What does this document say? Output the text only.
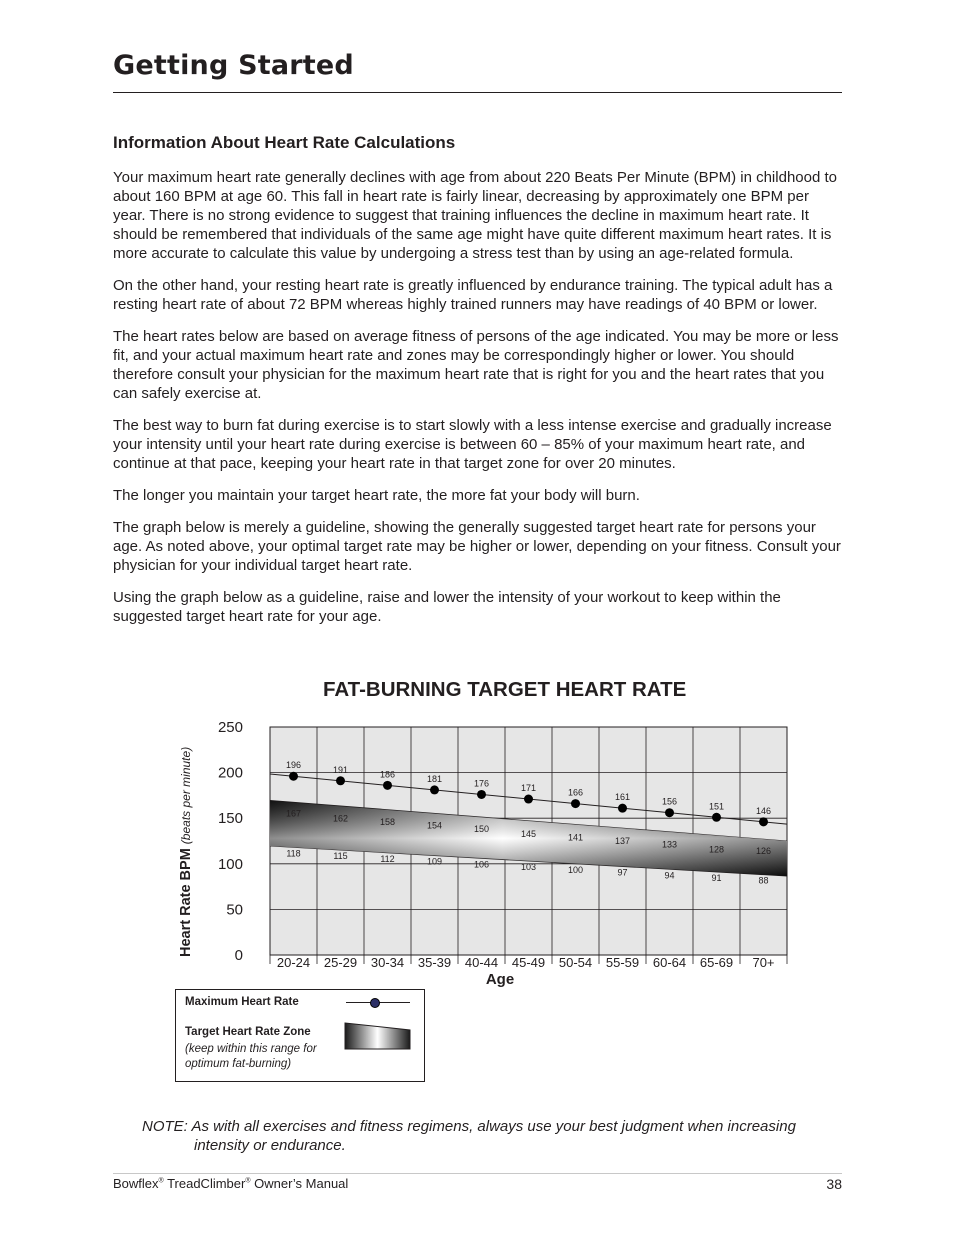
Getting Started
Information About Heart Rate Calculations

Your maximum heart rate generally declines with age from about 220 Beats Per Minute (BPM) in childhood to about 160 BPM at age 60. This fall in heart rate is fairly linear, decreasing by approximately one BPM per year. There is no strong evidence to suggest that training influences the decline in maximum heart rate. It should be remembered that individuals of the same age might have quite different maximum heart rates. It is more accurate to calculate this value by undergoing a stress test than by using an age-related formula.

On the other hand, your resting heart rate is greatly influenced by endurance training. The typical adult has a resting heart rate of about 72 BPM whereas highly trained runners may have readings of 40 BPM or lower.

The heart rates below are based on average fitness of persons of the age indicated. You may be more or less fit, and your actual maximum heart rate and zones may be correspondingly higher or lower. You should therefore consult your physician for the maximum heart rate that is right for you and the heart rates that you can safely exercise at.

The best way to burn fat during exercise is to start slowly with a less intense exercise and gradually increase your intensity until your heart rate during exercise is between 60 – 85% of your maximum heart rate, and continue at that pace, keeping your heart rate in that target zone for over 20 minutes.

The longer you maintain your target heart rate, the more fat your body will burn.

The graph below is merely a guideline, showing the generally suggested target heart rate for persons your age. As noted above, your optimal target rate may be higher or lower, depending on your fitness. Consult your physician for your individual target heart rate.

Using the graph below as a guideline, raise and lower the intensity of your workout to keep within the suggested target heart rate for your age.

FAT-BURNING TARGET HEART RATE
196	191	186	181	176	171	166	161	156	151	146
167	162	158	154	150	145	141	137	133	128	126
118	115	112	109	106	103	100	97	94	91	88
0
50
100
150
200
250
20-24 25-29 30-34 35-39 40-44 45-49 50-54 55-59 60-64 65-69 70+
Age
Heart Rate BPM (beats per minute)
Maximum Heart Rate
Target Heart Rate Zone
(keep within this range for optimum fat-burning)

NOTE: As with all exercises and fitness regimens, always use your best judgment when increasing intensity or endurance.

Bowflex® TreadClimber® Owner’s Manual	38
